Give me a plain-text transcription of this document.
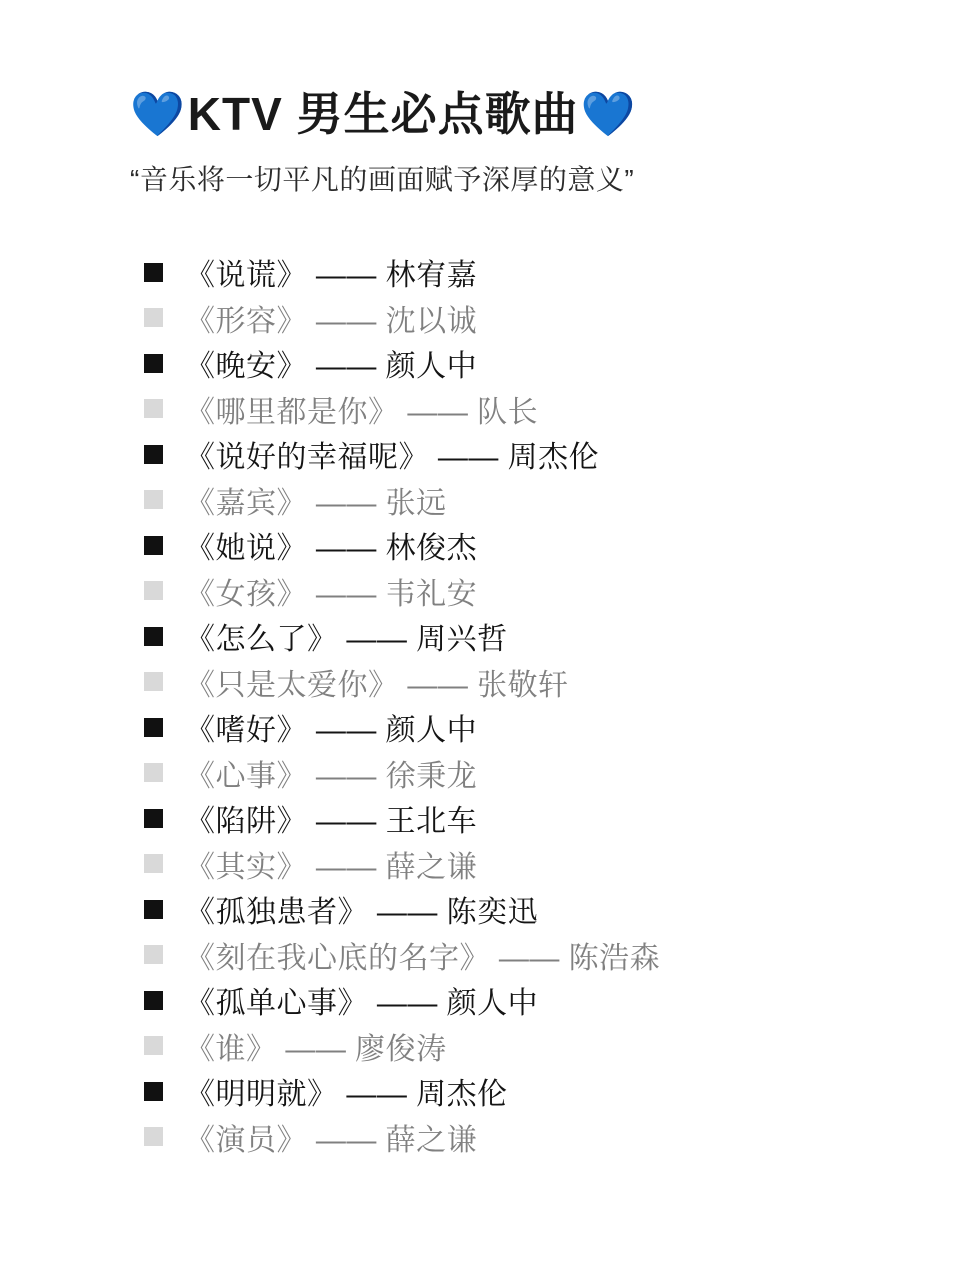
💙 KTV 男生必点歌曲 💙
“音乐将一切平凡的画面赋予深厚的意义”
《说谎》 —— 林宥嘉
《形容》 —— 沈以诚
《晚安》 —— 颜人中
《哪里都是你》 —— 队长
《说好的幸福呢》 —— 周杰伦
《嘉宾》 —— 张远
《她说》 —— 林俊杰
《女孩》 —— 韦礼安
《怎么了》 —— 周兴哲
《只是太爱你》 —— 张敬轩
《嗜好》 —— 颜人中
《心事》 —— 徐秉龙
《陷阱》 —— 王北车
《其实》 —— 薛之谦
《孤独患者》 —— 陈奕迅
《刻在我心底的名字》 —— 陈浩森
《孤单心事》 —— 颜人中
《谁》 —— 廖俊涛
《明明就》 —— 周杰伦
《演员》 —— 薛之谦
